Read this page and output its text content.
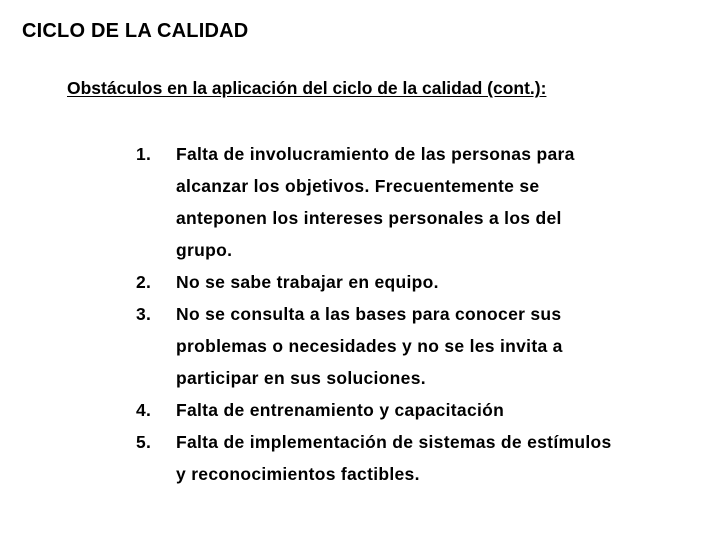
CICLO DE LA CALIDAD
Obstáculos en la aplicación del ciclo de la calidad (cont.):
1. Falta de involucramiento de las personas para
alcanzar los objetivos. Frecuentemente se
anteponen los intereses personales a los del
grupo.
2. No se sabe trabajar en equipo.
3. No se consulta a las bases para conocer sus
problemas o necesidades y no se les invita a
participar en sus soluciones.
4. Falta de entrenamiento y capacitación
5. Falta de implementación de sistemas de estímulos
y reconocimientos factibles.
